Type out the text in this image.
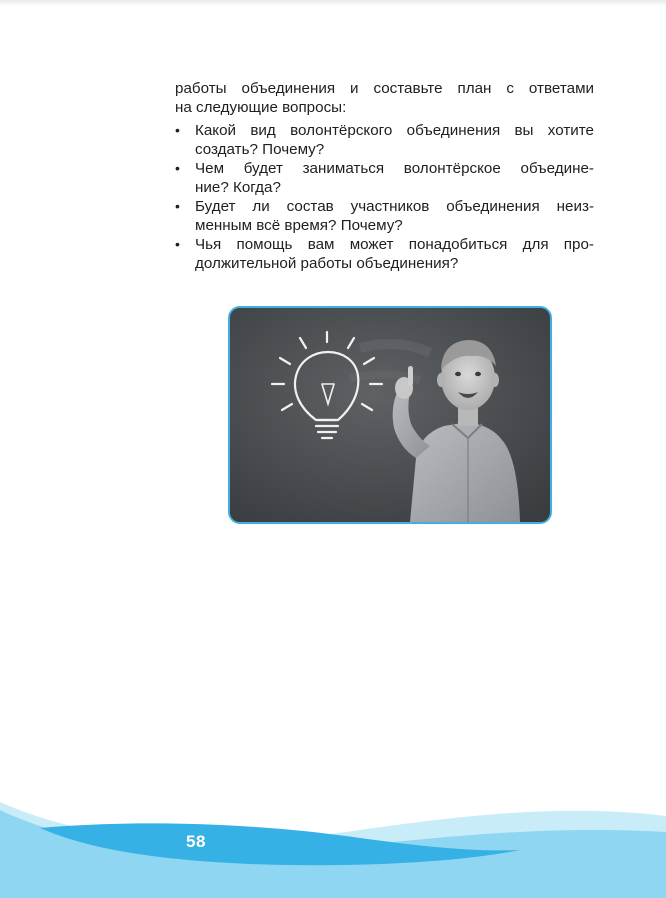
работы объединения и составьте план с ответами
на следующие вопросы:

• Какой вид волонтёрского объединения вы хотите
создать? Почему?
• Чем будет заниматься волонтёрское объедине-
ние? Когда?
• Будет ли состав участников объединения неиз-
менным всё время? Почему?
• Чья помощь вам может понадобиться для про-
должительной работы объединения?
58
